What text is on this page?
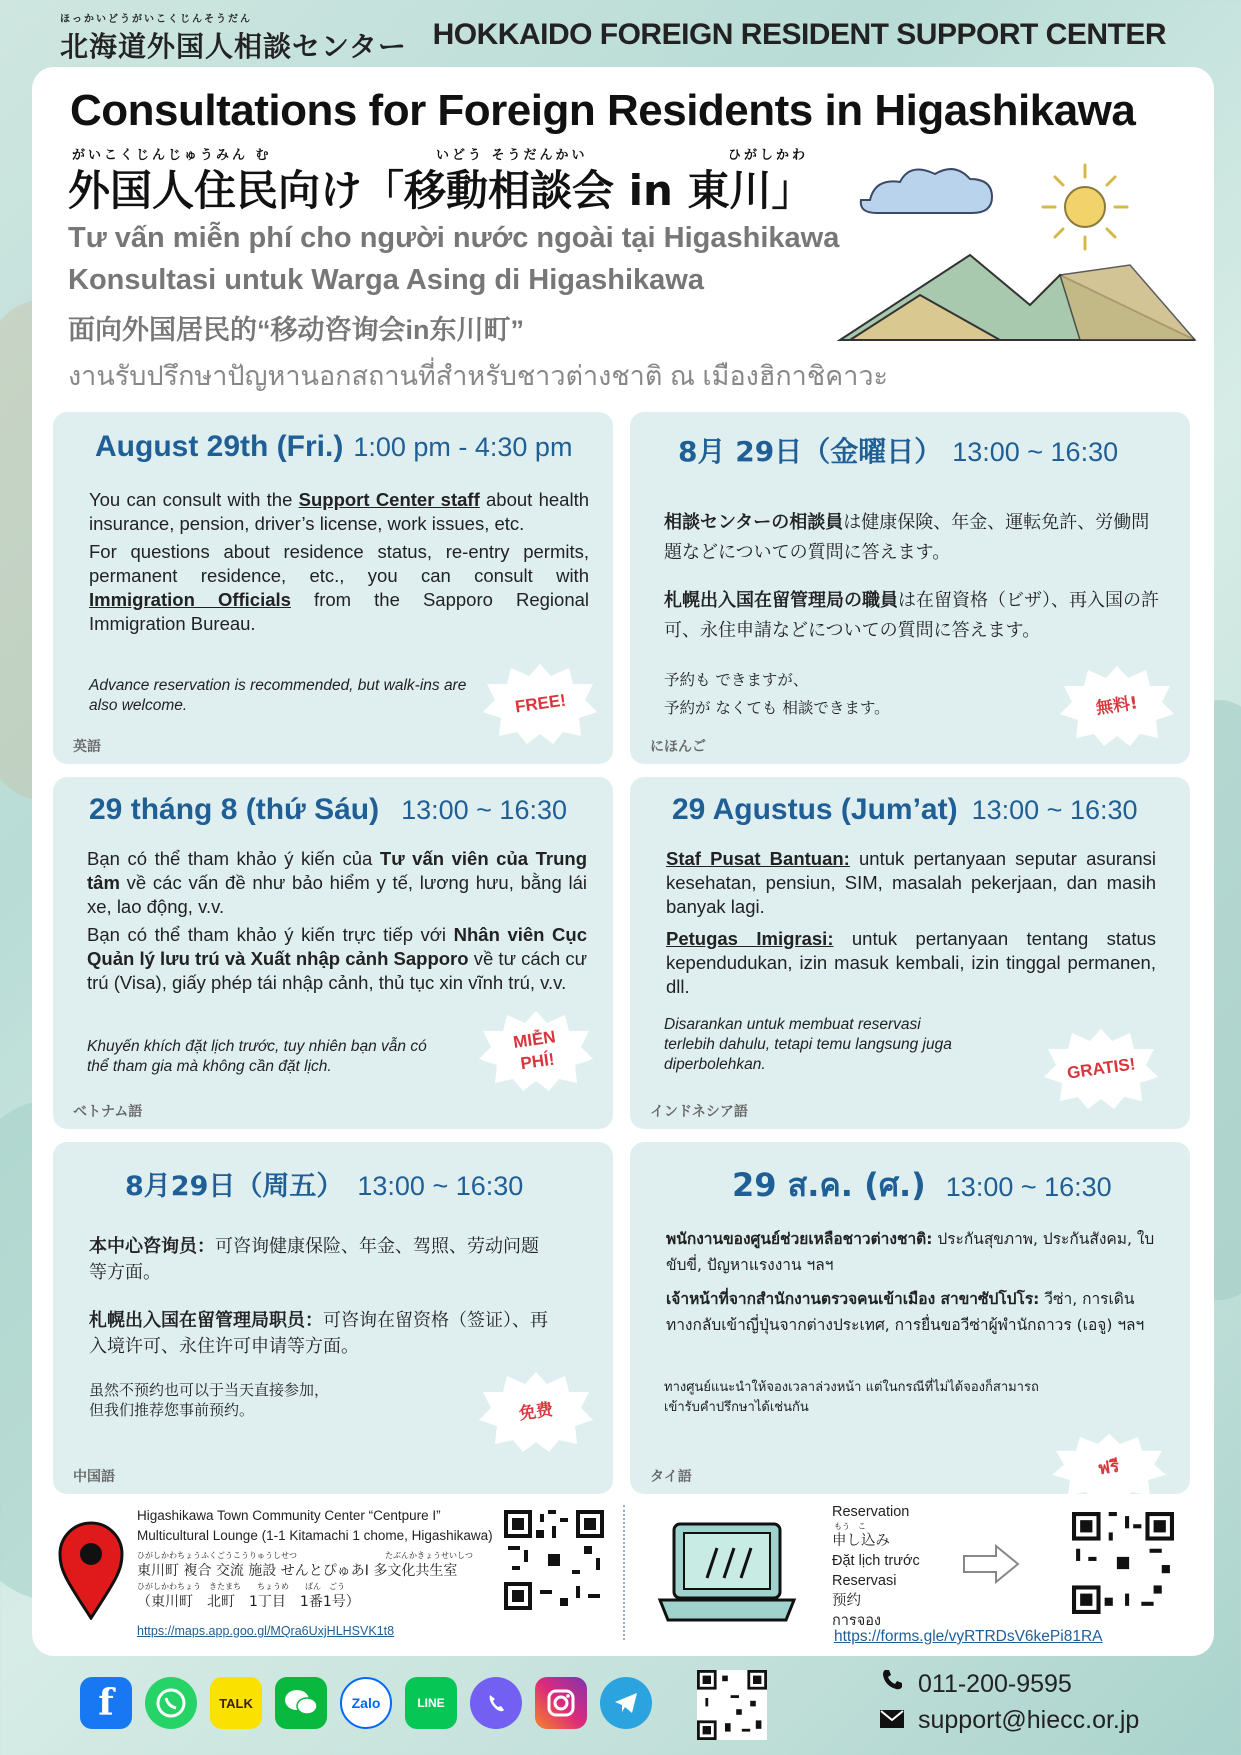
ほっかいどうがいこくじんそうだん
北海道外国人相談センター HOKKAIDO FOREIGN RESIDENT SUPPORT CENTER
Consultations for Foreign Residents in Higashikawa
がいこくじんじゅうみん む	いどう そうだんかい	ひがしかわ
外国人住民向け「移動相談会 in 東川」
Tư vấn miễn phí cho người nước ngoài tại Higashikawa
Konsultasi untuk Warga Asing di Higashikawa
面向外国居民的“移动咨询会in东川町”
งานรับปรึกษาปัญหานอกสถานที่สำหรับชาวต่างชาติ ณ เมืองฮิกาชิคาวะ
August 29th (Fri.) 1:00 pm - 4:30 pm

You can consult with the Support Center staff about health insurance, pension, driver’s license, work issues, etc.

For questions about residence status, re-entry permits, permanent residence, etc., you can consult with Immigration Officials from the Sapporo Regional Immigration Bureau.

Advance reservation is recommended, but walk-ins are also welcome.	FREE!
英語
8月 29日（金曜日） 13:00 ~ 16:30

相談センターの相談員は健康保険、年金、運転免許、労働問題などについての質問に答えます。

札幌出入国在留管理局の職員は在留資格（ビザ）、再入国の許可、永住申請などについての質問に答えます。

予約も できますが、
予約が なくても 相談できます。	無料!
にほんご
29 tháng 8 (thứ Sáu) 13:00 ~ 16:30

Bạn có thể tham khảo ý kiến của Tư vấn viên của Trung tâm về các vấn đề như bảo hiểm y tế, lương hưu, bằng lái xe, lao động, v.v.

Bạn có thể tham khảo ý kiến trực tiếp với Nhân viên Cục Quản lý lưu trú và Xuất nhập cảnh Sapporo về tư cách cư trú (Visa), giấy phép tái nhập cảnh, thủ tục xin vĩnh trú, v.v.

Khuyến khích đặt lịch trước, tuy nhiên bạn vẫn có thể tham gia mà không cần đặt lịch.
MIỄN PHÍ!
ベトナム語
29 Agustus (Jum’at) 13:00 ~ 16:30

Staf Pusat Bantuan: untuk pertanyaan seputar asuransi kesehatan, pensiun, SIM, masalah pekerjaan, dan masih banyak lagi.

Petugas Imigrasi: untuk pertanyaan tentang status kependudukan, izin masuk kembali, izin tinggal permanen, dll.

Disarankan untuk membuat reservasi terlebih dahulu, tetapi temu langsung juga diperbolehkan.	GRATIS!
インドネシア語
8月29日（周五） 13:00 ~ 16:30

本中心咨询员：可咨询健康保险、年金、驾照、劳动问题等方面。

札幌出入国在留管理局职员：可咨询在留资格（签证）、再入境许可、永住许可申请等方面。

虽然不预约也可以于当天直接参加，
但我们推荐您事前预约。	免费
中国語
29 ส.ค. (ศ.) 13:00 ~ 16:30

พนักงานของศูนย์ช่วยเหลือชาวต่างชาติ: ประกันสุขภาพ, ประกันสังคม, ใบขับขี่, ปัญหาแรงงาน ฯลฯ

เจ้าหน้าที่จากสำนักงานตรวจคนเข้าเมือง สาขาซัปโปโร: วีซ่า, การเดินทางกลับเข้าญี่ปุ่นจากต่างประเทศ, การยื่นขอวีซ่าผู้พำนักถาวร (เอจู) ฯลฯ

ทางศูนย์แนะนำให้จองเวลาล่วงหน้า แต่ในกรณีที่ไม่ได้จองก็สามารถเข้ารับคำปรึกษาได้เช่นกัน
ฟรี
タイ語
Higashikawa Town Community Center “Centpure I”
Multicultural Lounge (1-1 Kitamachi 1 chome, Higashikawa)
ひがしかわちょうふくごうこうりゅうしせつ　　　　　　　　　　　たぶんかきょうせいしつ
東川町 複合 交流 施設 せんとぴゅあⅠ 多文化共生室
ひがしかわちょう　きたまち　　ちょうめ　　ばん　ごう
（東川町　北町　1丁目　1番1号）
https://maps.app.goo.gl/MQra6UxjHLHSVK1t8
Reservation
もう　こ
申し込み
Đặt lịch trước
Reservasi
预约
การจอง
https://forms.gle/vyRTRDsV6kePi81RA
f	TALK	Zalo	LINE
011-200-9595
support@hiecc.or.jp
